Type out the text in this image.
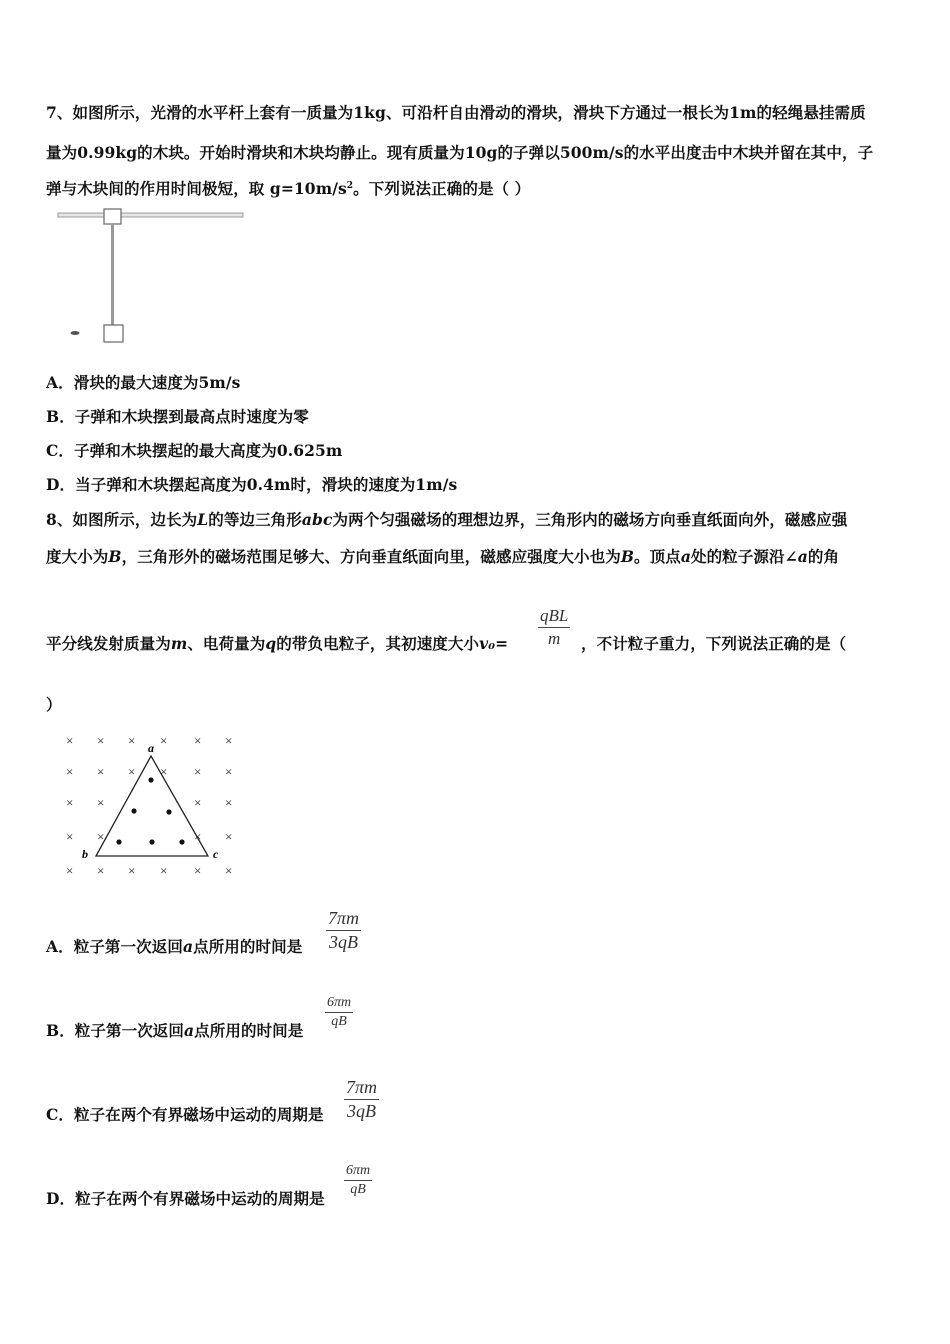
7、如图所示，光滑的水平杆上套有一质量为1kg、可沿杆自由滑动的滑块，滑块下方通过一根长为1m的轻绳悬挂需质
量为0.99kg的木块。开始时滑块和木块均静止。现有质量为10g的子弹以500m/s的水平出度击中木块并留在其中，子
弹与木块间的作用时间极短，取 $g=10m/s^2$。下列说法正确的是（ ）
A．滑块的最大速度为5m/s
B．子弹和木块摆到最高点时速度为零
C．子弹和木块摆起的最大高度为0.625m
D．当子弹和木块摆起高度为0.4m时，滑块的速度为1m/s
8、如图所示，边长为L的等边三角形abc为两个匀强磁场的理想边界，三角形内的磁场方向垂直纸面向外，磁感应强
度大小为B，三角形外的磁场范围足够大、方向垂直纸面向里，磁感应强度大小也为B。顶点a处的粒子源沿∠a的角
平分线发射质量为m、电荷量为q的带负电粒子，其初速度大小v₀=
qBL
m	，不计粒子重力，下列说法正确的是（
）
× × × × × ×
× × × × × ×
× ×	× ×
× ×	× ×
× × × × × ×
a
b	c
A．粒子第一次返回a点所用的时间是 $\frac{7\pi m}{3qB}$
B．粒子第一次返回a点所用的时间是
$\frac{6\pi m}{qB}$
C．粒子在两个有界磁场中运动的周期是 $\frac{7\pi m}{3qB}$
D．粒子在两个有界磁场中运动的周期是
$\frac{6\pi m}{qB}$
